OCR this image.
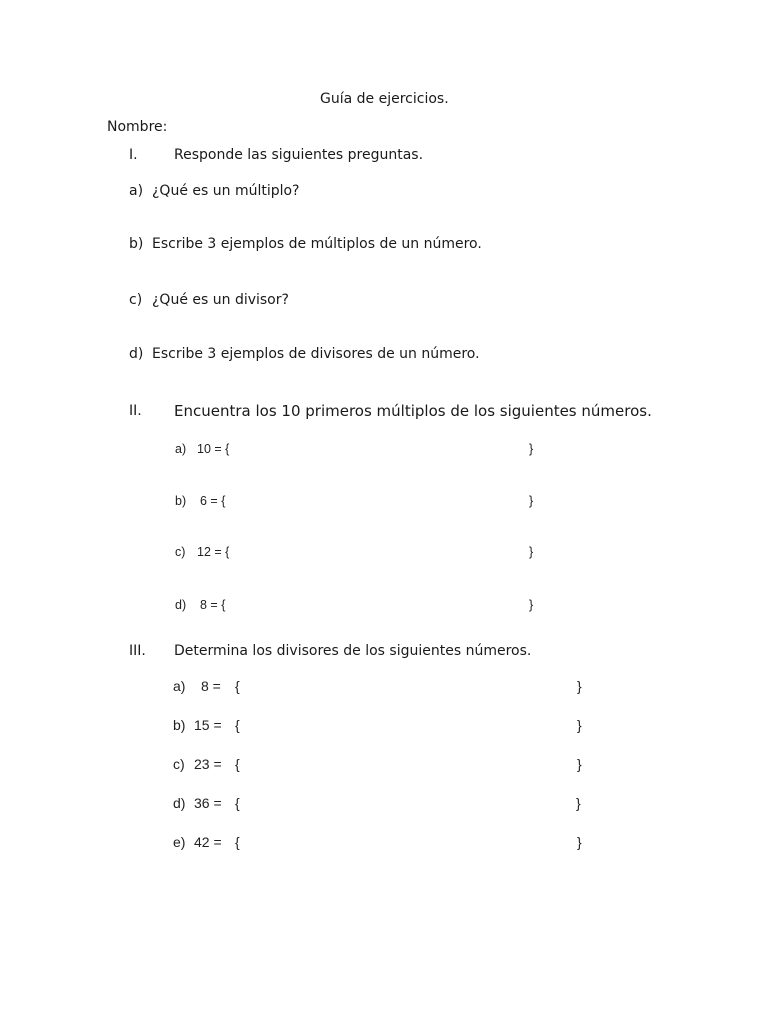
Guía de ejercicios.
Nombre:
I.	Responde las siguientes preguntas.
a) ¿Qué es un múltiplo?
b) Escribe 3 ejemplos de múltiplos de un número.
c) ¿Qué es un divisor?
d) Escribe 3 ejemplos de divisores de un número.
II. Encuentra los 10 primeros múltiplos de los siguientes números.
a) 10 = {	}
b) 6 = {	}
c) 12 = {	}
d) 8 = {	}
III. Determina los divisores de los siguientes números.
a) 8 = {	}
b) 15 = {	}
c) 23 = {	}
d) 36 = {	}
e) 42 = {	}
